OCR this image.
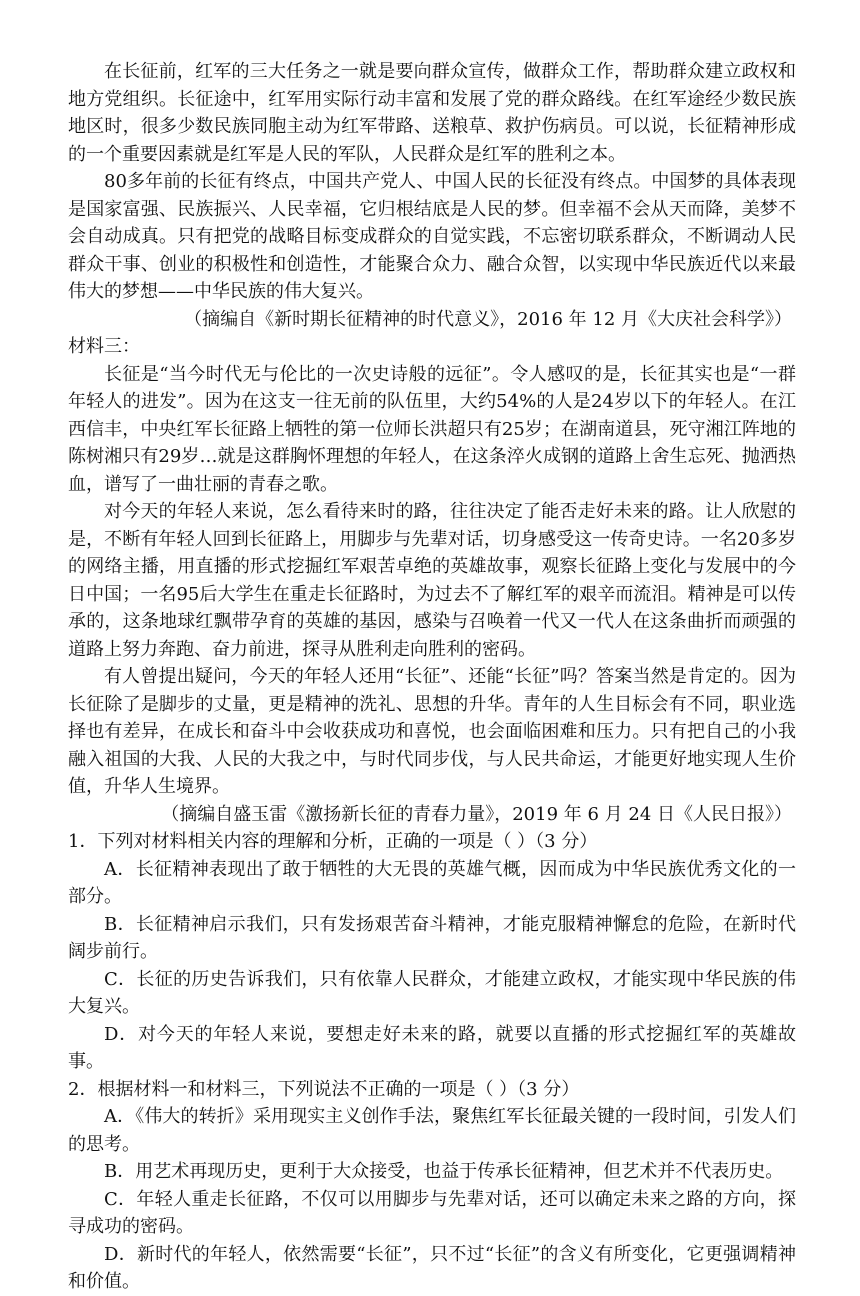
在长征前，红军的三大任务之一就是要向群众宣传，做群众工作，帮助群众建立政权和地方党组织。长征途中，红军用实际行动丰富和发展了党的群众路线。在红军途经少数民族地区时，很多少数民族同胞主动为红军带路、送粮草、救护伤病员。可以说，长征精神形成的一个重要因素就是红军是人民的军队，人民群众是红军的胜利之本。

80多年前的长征有终点，中国共产党人、中国人民的长征没有终点。中国梦的具体表现是国家富强、民族振兴、人民幸福，它归根结底是人民的梦。但幸福不会从天而降，美梦不会自动成真。只有把党的战略目标变成群众的自觉实践，不忘密切联系群众，不断调动人民群众干事、创业的积极性和创造性，才能聚合众力、融合众智，以实现中华民族近代以来最伟大的梦想——中华民族的伟大复兴。

（摘编自《新时期长征精神的时代意义》，2016 年 12 月《大庆社会科学》）

材料三：

长征是“当今时代无与伦比的一次史诗般的远征”。令人感叹的是，长征其实也是“一群年轻人的进发”。因为在这支一往无前的队伍里，大约54%的人是24岁以下的年轻人。在江西信丰，中央红军长征路上牺牲的第一位师长洪超只有25岁；在湖南道县，死守湘江阵地的陈树湘只有29岁…就是这群胸怀理想的年轻人，在这条淬火成钢的道路上舍生忘死、抛洒热血，谱写了一曲壮丽的青春之歌。

对今天的年轻人来说，怎么看待来时的路，往往决定了能否走好未来的路。让人欣慰的是，不断有年轻人回到长征路上，用脚步与先辈对话，切身感受这一传奇史诗。一名20多岁的网络主播，用直播的形式挖掘红军艰苦卓绝的英雄故事，观察长征路上变化与发展中的今日中国；一名95后大学生在重走长征路时，为过去不了解红军的艰辛而流泪。精神是可以传承的，这条地球红飘带孕育的英雄的基因，感染与召唤着一代又一代人在这条曲折而顽强的道路上努力奔跑、奋力前进，探寻从胜利走向胜利的密码。

有人曾提出疑问，今天的年轻人还用“长征”、还能“长征”吗？答案当然是肯定的。因为长征除了是脚步的丈量，更是精神的洗礼、思想的升华。青年的人生目标会有不同，职业选择也有差异，在成长和奋斗中会收获成功和喜悦，也会面临困难和压力。只有把自己的小我融入祖国的大我、人民的大我之中，与时代同步伐，与人民共命运，才能更好地实现人生价值，升华人生境界。

（摘编自盛玉雷《激扬新长征的青春力量》，2019 年 6 月 24 日《人民日报》）

1．下列对材料相关内容的理解和分析，正确的一项是（ ）（3 分）

A．长征精神表现出了敢于牺牲的大无畏的英雄气概，因而成为中华民族优秀文化的一部分。

B．长征精神启示我们，只有发扬艰苦奋斗精神，才能克服精神懈怠的危险，在新时代阔步前行。

C．长征的历史告诉我们，只有依靠人民群众，才能建立政权，才能实现中华民族的伟大复兴。

D．对今天的年轻人来说，要想走好未来的路，就要以直播的形式挖掘红军的英雄故事。

2．根据材料一和材料三，下列说法不正确的一项是（ ）（3 分）

A．《伟大的转折》采用现实主义创作手法，聚焦红军长征最关键的一段时间，引发人们的思考。

B．用艺术再现历史，更利于大众接受，也益于传承长征精神，但艺术并不代表历史。

C．年轻人重走长征路，不仅可以用脚步与先辈对话，还可以确定未来之路的方向，探寻成功的密码。

D．新时代的年轻人，依然需要“长征”，只不过“长征”的含义有所变化，它更强调精神和价值。
